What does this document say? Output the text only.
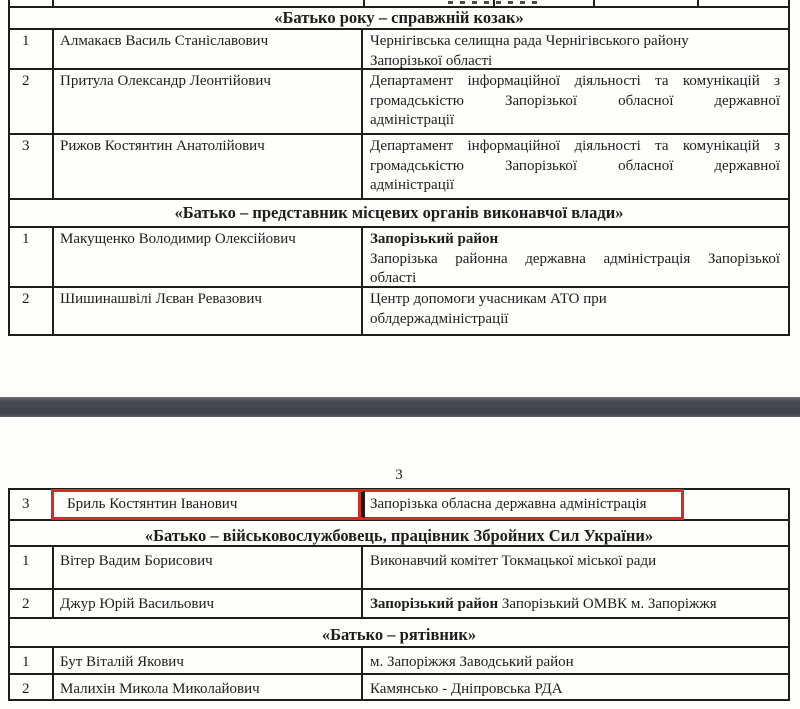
«Батько року – справжній козак»
1	Алмакаєв Василь Станіславович	Чернігівська селищна рада Чернігівського району
Запорізької області
2	Притула Олександр Леонтійович	Департамент інформаційної діяльності та комунікацій з
громадськістю Запорізької обласної державної
адміністрації
3	Рижов Костянтин Анатолійович	Департамент інформаційної діяльності та комунікацій з
громадськістю Запорізької обласної державної
адміністрації
«Батько – представник місцевих органів виконавчої влади»
1	Макущенко Володимир Олексійович	Запорізький район
Запорізька районна державна адміністрація Запорізької
області
2	Шишинашвілі Лєван Ревазович	Центр допомоги учасникам АТО при
облдержадміністрації
3
3	Бриль Костянтин Іванович	Запорізька обласна державна адміністрація
«Батько – військовослужбовець, працівник Збройних Сил України»
1	Вітер Вадим Борисович	Виконавчий комітет Токмацької міської ради
2	Джур Юрій Васильович	Запорізький район Запорізький ОМВК м. Запоріжжя
«Батько – рятівник»
1	Бут Віталій Якович	м. Запоріжжя Заводський район
2	Малихін Микола Миколайович	Камянсько - Дніпровська РДА
